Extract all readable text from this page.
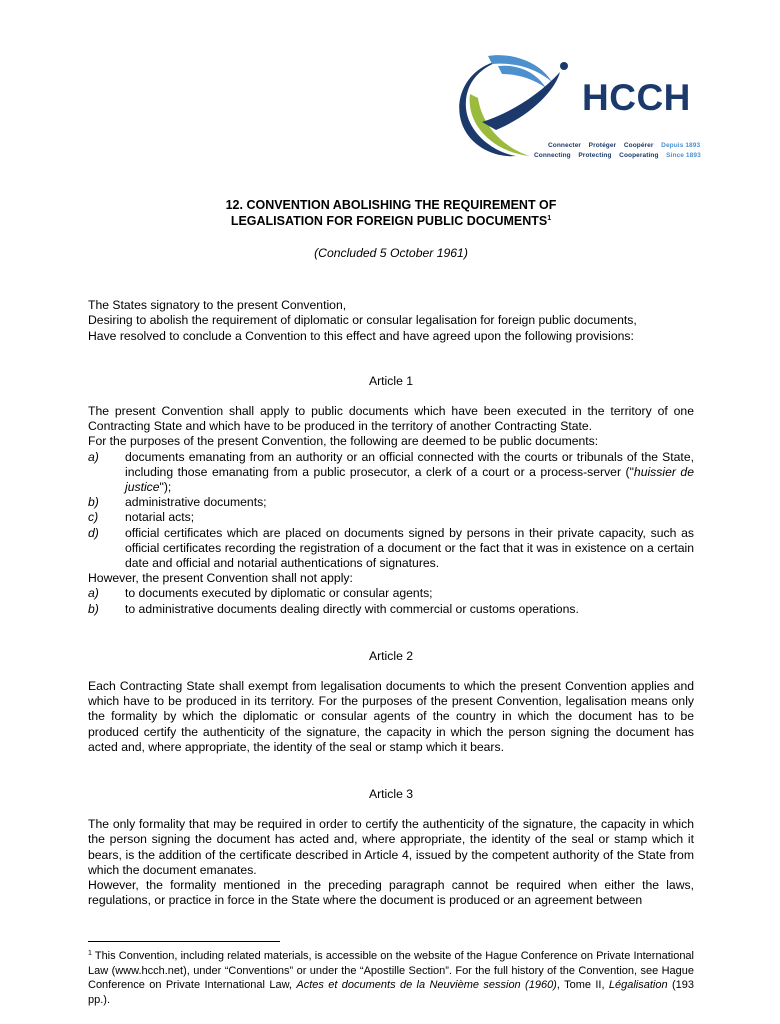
HCCH
Connecter Protéger Coopérer Depuis 1893
Connecting Protecting Cooperating Since 1893
12. CONVENTION ABOLISHING THE REQUIREMENT OF
LEGALISATION FOR FOREIGN PUBLIC DOCUMENTS$^1$

(Concluded 5 October 1961)

The States signatory to the present Convention,

Desiring to abolish the requirement of diplomatic or consular legalisation for foreign public documents,

Have resolved to conclude a Convention to this effect and have agreed upon the following provisions:

Article 1

The present Convention shall apply to public documents which have been executed in the territory of one Contracting State and which have to be produced in the territory of another Contracting State.

For the purposes of the present Convention, the following are deemed to be public documents:

a)	documents emanating from an authority or an official connected with the courts or tribunals of the State, including those emanating from a public prosecutor, a clerk of a court or a process-server ("huissier de justice");
b)	administrative documents;
c)	notarial acts;
d)	official certificates which are placed on documents signed by persons in their private capacity, such as official certificates recording the registration of a document or the fact that it was in existence on a certain date and official and notarial authentications of signatures.

However, the present Convention shall not apply:

a)	to documents executed by diplomatic or consular agents;
b)	to administrative documents dealing directly with commercial or customs operations.

Article 2

Each Contracting State shall exempt from legalisation documents to which the present Convention applies and which have to be produced in its territory. For the purposes of the present Convention, legalisation means only the formality by which the diplomatic or consular agents of the country in which the document has to be produced certify the authenticity of the signature, the capacity in which the person signing the document has acted and, where appropriate, the identity of the seal or stamp which it bears.

Article 3

The only formality that may be required in order to certify the authenticity of the signature, the capacity in which the person signing the document has acted and, where appropriate, the identity of the seal or stamp which it bears, is the addition of the certificate described in Article 4, issued by the competent authority of the State from which the document emanates.

However, the formality mentioned in the preceding paragraph cannot be required when either the laws, regulations, or practice in force in the State where the document is produced or an agreement between

$^1$ This Convention, including related materials, is accessible on the website of the Hague Conference on Private International Law (www.hcch.net), under “Conventions” or under the “Apostille Section”. For the full history of the Convention, see Hague Conference on Private International Law, Actes et documents de la Neuvième session (1960), Tome II, Légalisation (193 pp.).
